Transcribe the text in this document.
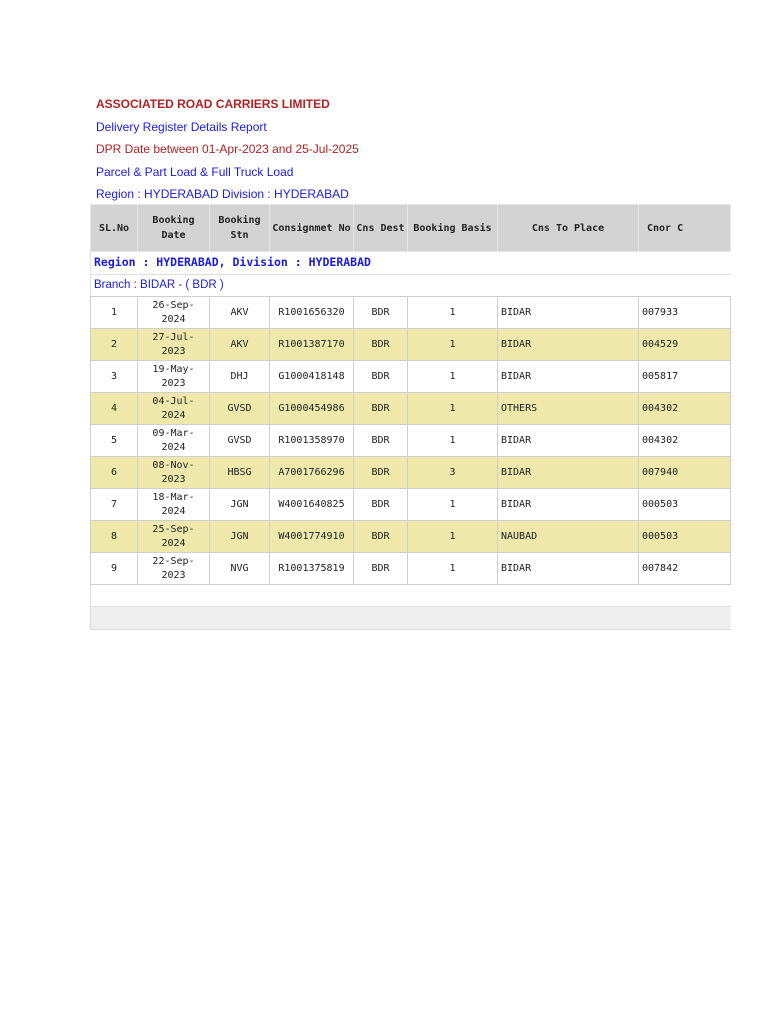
ASSOCIATED ROAD CARRIERS LIMITED
Delivery Register Details Report
DPR Date between 01-Apr-2023 and 25-Jul-2025
Parcel & Part Load & Full Truck Load
Region : HYDERABAD Division : HYDERABAD
SL.No	Booking Date	Booking Stn	Consignmet No	Cns Dest	Booking Basis	Cns To Place	Cnor C
Region : HYDERABAD, Division : HYDERABAD							
Branch : BIDAR - ( BDR )							
1	26-Sep-2024	AKV	R1001656320	BDR	1	BIDAR	007933
2	27-Jul-2023	AKV	R1001387170	BDR	1	BIDAR	004529
3	19-May-2023	DHJ	G1000418148	BDR	1	BIDAR	005817
4	04-Jul-2024	GVSD	G1000454986	BDR	1	OTHERS	004302
5	09-Mar-2024	GVSD	R1001358970	BDR	1	BIDAR	004302
6	08-Nov-2023	HBSG	A7001766296	BDR	3	BIDAR	007940
7	18-Mar-2024	JGN	W4001640825	BDR	1	BIDAR	000503
8	25-Sep-2024	JGN	W4001774910	BDR	1	NAUBAD	000503
9	22-Sep-2023	NVG	R1001375819	BDR	1	BIDAR	007842
